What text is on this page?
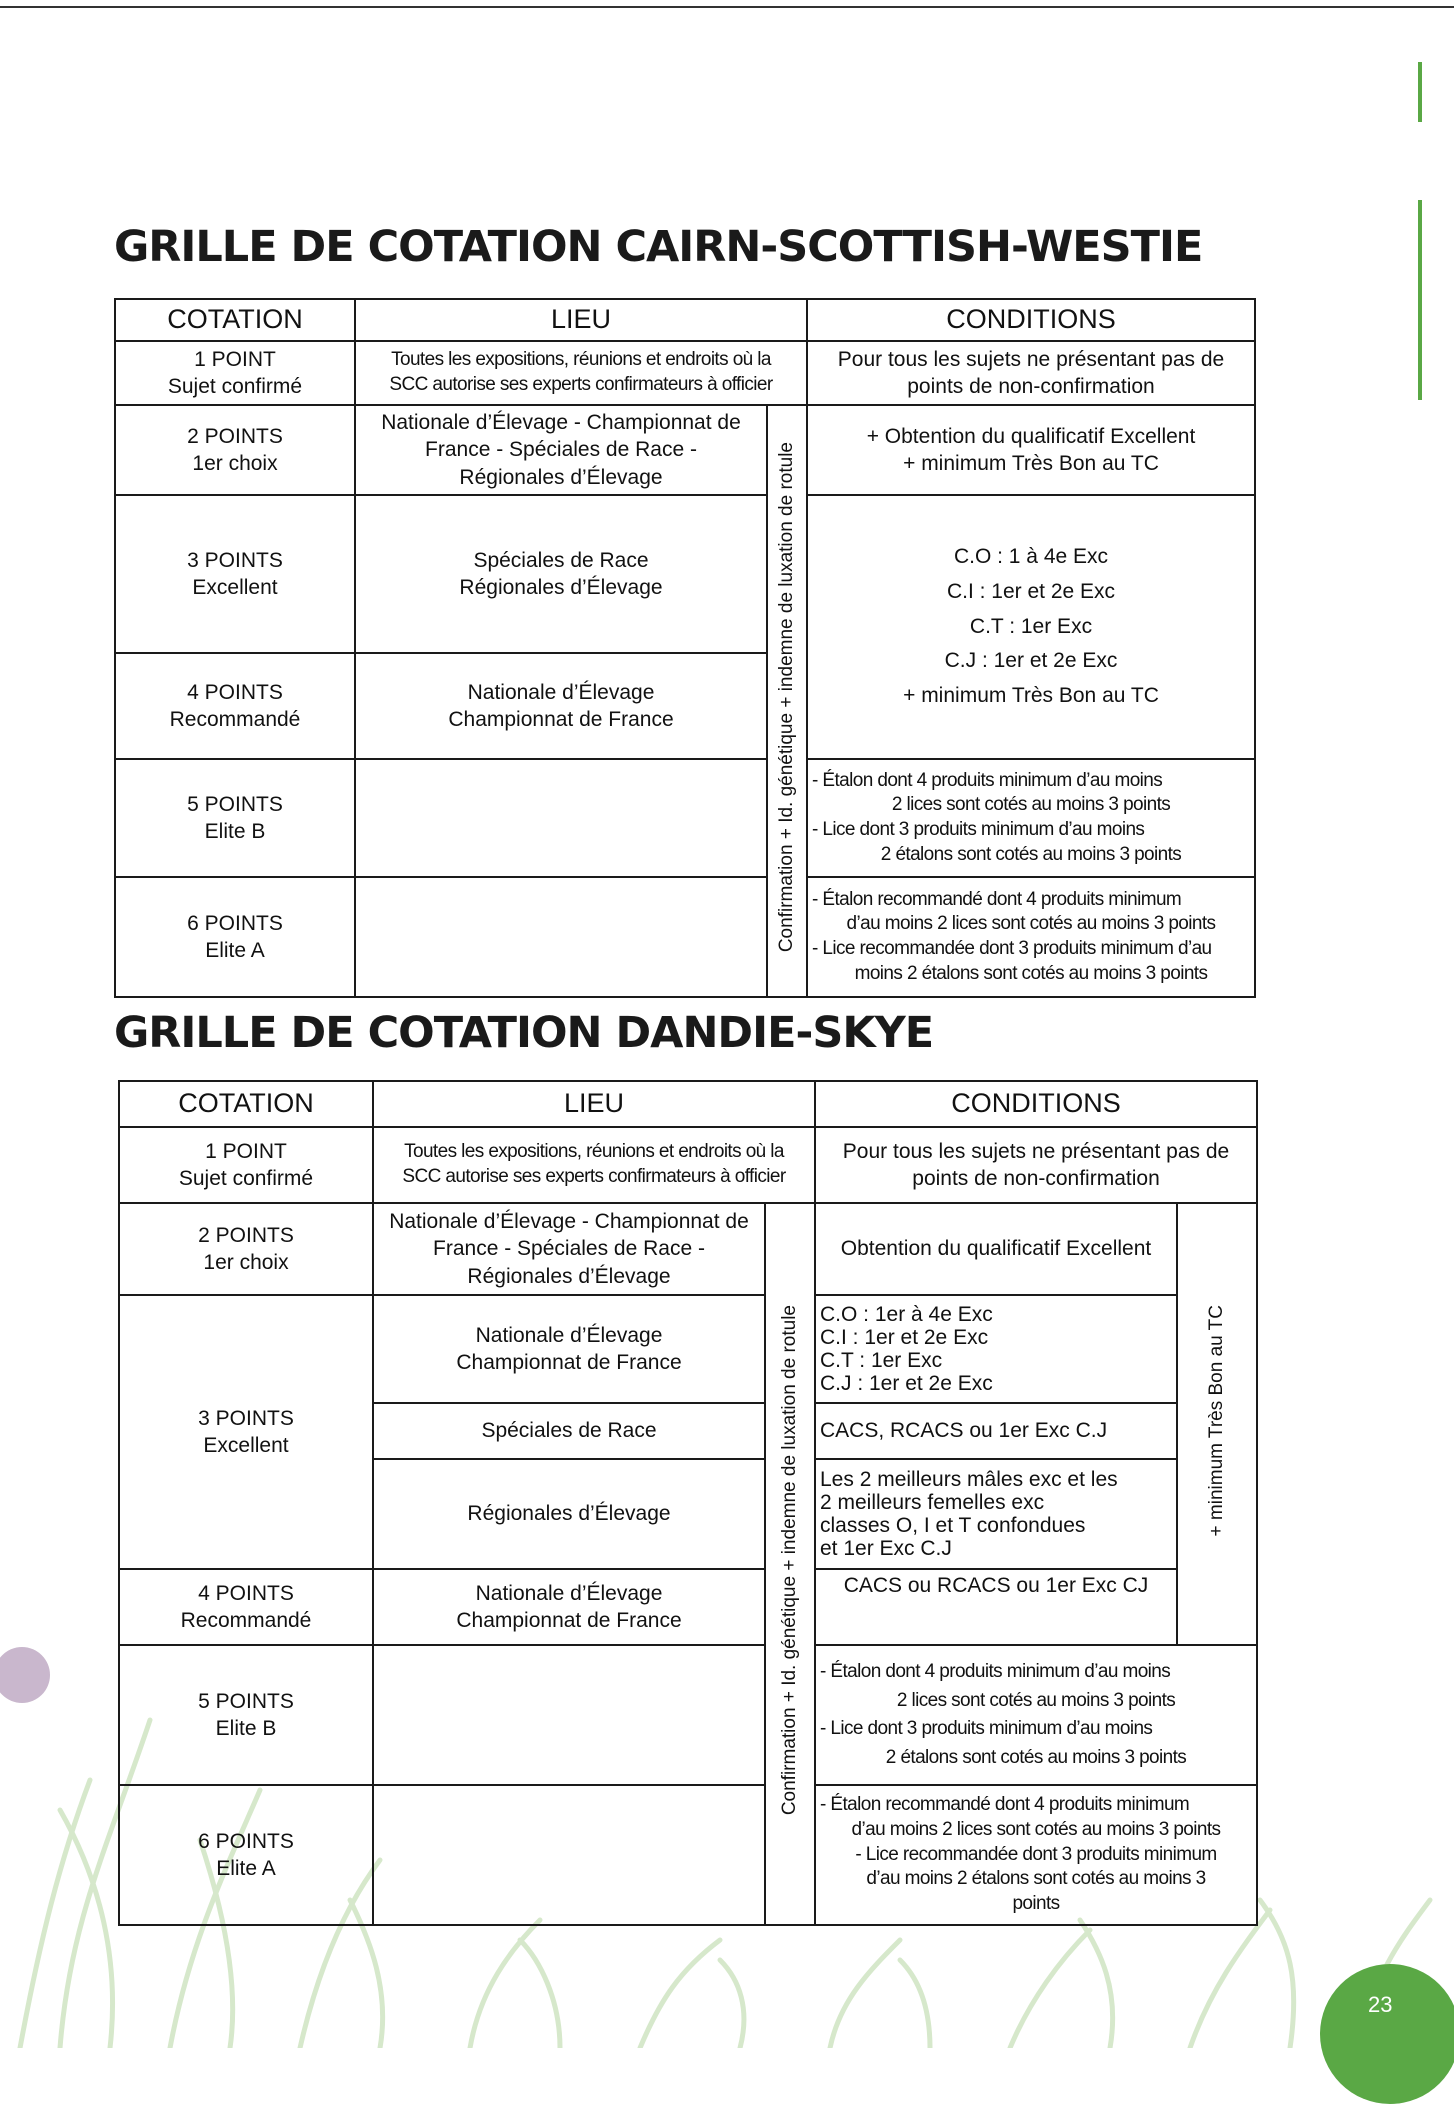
GRILLE DE COTATION CAIRN-SCOTTISH-WESTIE
COTATION	LIEU		CONDITIONS

1 POINT
Sujet confirmé	Toutes les expositions, réunions et endroits où la
SCC autorise ses experts confirmateurs à officier		Pour tous les sujets ne présentant pas de
points de non-confirmation

2 POINTS
1er choix	Nationale d’Élevage - Championnat de
France - Spéciales de Race -
Régionales d’Élevage	Confirmation + Id. génétique + indemne de luxation de rotule	+ Obtention du qualificatif Excellent
+ minimum Très Bon au TC

3 POINTS
Excellent	Spéciales de Race
Régionales d’Élevage		C.O : 1 à 4e Exc
C.I : 1er et 2e Exc
C.T : 1er Exc
C.J : 1er et 2e Exc
+ minimum Très Bon au TC

4 POINTS
Recommandé	Nationale d’Élevage
Championnat de France		

5 POINTS
Elite B			- Étalon dont 4 produits minimum d’au moins
2 lices sont cotés au moins 3 points
- Lice dont 3 produits minimum d’au moins
2 étalons sont cotés au moins 3 points

6 POINTS
Elite A			- Étalon recommandé dont 4 produits minimum
d’au moins 2 lices sont cotés au moins 3 points
- Lice recommandée dont 3 produits minimum d’au
moins 2 étalons sont cotés au moins 3 points
GRILLE DE COTATION DANDIE-SKYE
COTATION	LIEU		CONDITIONS	

1 POINT
Sujet confirmé	Toutes les expositions, réunions et endroits où la
SCC autorise ses experts confirmateurs à officier		Pour tous les sujets ne présentant pas de
points de non-confirmation	

2 POINTS
1er choix	Nationale d’Élevage - Championnat de
France - Spéciales de Race -
Régionales d’Élevage	Confirmation + Id. génétique + indemne de luxation de rotule	Obtention du qualificatif Excellent	+ minimum Très Bon au TC

3 POINTS
Excellent	Nationale d’Élevage
Championnat de France		C.O : 1er à 4e Exc
C.I : 1er et 2e Exc
C.T : 1er Exc
C.J : 1er et 2e Exc	

	Spéciales de Race		CACS, RCACS ou 1er Exc C.J	

	Régionales d’Élevage		Les 2 meilleurs mâles exc et les
2 meilleurs femelles exc
classes O, I et T confondues
et 1er Exc C.J	

4 POINTS
Recommandé	Nationale d’Élevage
Championnat de France		CACS ou RCACS ou 1er Exc CJ	

5 POINTS
Elite B			- Étalon dont 4 produits minimum d’au moins
2 lices sont cotés au moins 3 points
- Lice dont 3 produits minimum d’au moins
2 étalons sont cotés au moins 3 points	

6 POINTS
Elite A			- Étalon recommandé dont 4 produits minimum
d’au moins 2 lices sont cotés au moins 3 points
- Lice recommandée dont 3 produits minimum
d’au moins 2 étalons sont cotés au moins 3
points	
23
